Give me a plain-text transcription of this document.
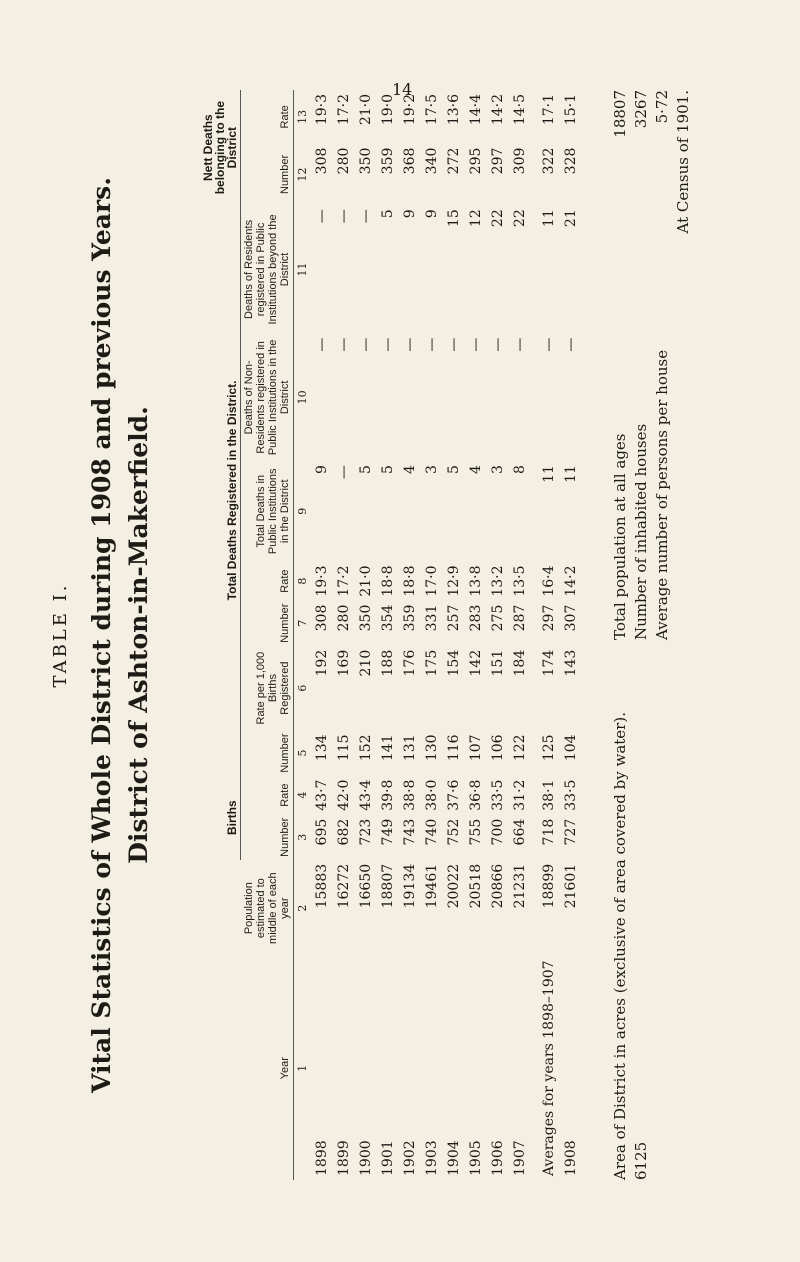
14
TABLE I. Vital Statistics of Whole District during 1908 and previous Years. District of Ashton-in-Makerfield.
Year	Population estimated to middle of each year	Births		Total Deaths Registered in the District.							Nett Deaths belonging to the District	
		Number	Rate	Number	Rate per 1,000 Births Registered	Number	Rate	Total Deaths in Public Institutions in the District	Deaths of Non-Residents registered in Public Institutions in the District	Deaths of Residents registered in Public Institutions beyond the District	Number	Rate
1	2	3	4	5	6	7	8	9	10	11	12	13
1898	15883	695	43·7	134	192	308	19·3	9	—	—	308	19·3
1899	16272	682	42·0	115	169	280	17·2	—	—	—	280	17·2
1900	16650	723	43·4	152	210	350	21·0	5	—	—	350	21·0
1901	18807	749	39·8	141	188	354	18·8	5	—	5	359	19·0
1902	19134	743	38·8	131	176	359	18·8	4	—	9	368	19·2
1903	19461	740	38·0	130	175	331	17·0	3	—	9	340	17·5
1904	20022	752	37·6	116	154	257	12·9	5	—	15	272	13·6
1905	20518	755	36·8	107	142	283	13·8	4	—	12	295	14·4
1906	20866	700	33·5	106	151	275	13·2	3	—	22	297	14·2
1907	21231	664	31·2	122	184	287	13·5	8	—	22	309	14·5
Averages for years 1898–1907	18899	718	38·1	125	174	297	16·4	11	—	11	322	17·1
1908	21601	727	33·5	104	143	307	14·2	11	—	21	328	15·1
Area of District in acres (exclusive of area covered by water). 6125
Total population at all ages
18807
Number of inhabited houses
3267
Average number of persons per house
5·72 At Census of 1901.
